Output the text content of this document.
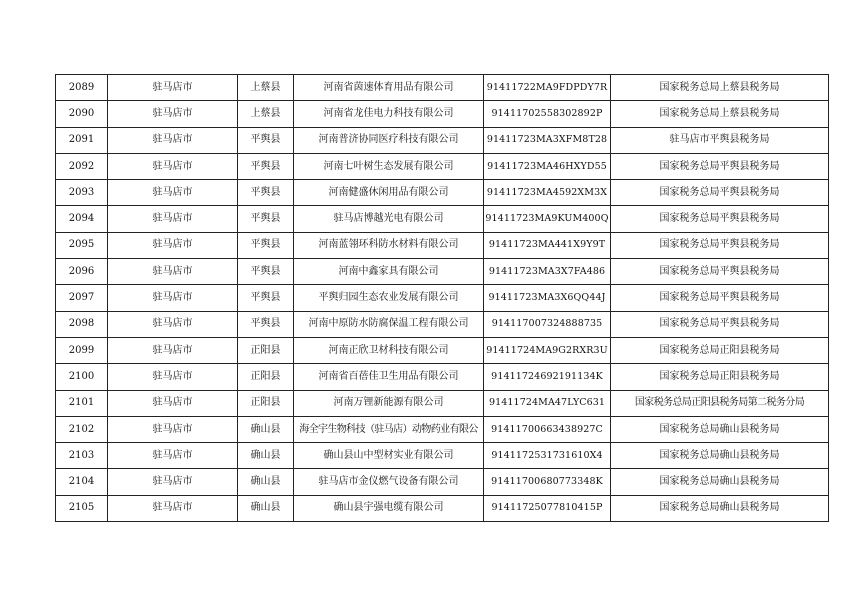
2089	驻马店市	上蔡县	河南省茵速体育用品有限公司	91411722MA9FDPDY7R	国家税务总局上蔡县税务局
2090	驻马店市	上蔡县	河南省龙佳电力科技有限公司	91411702558302892P	国家税务总局上蔡县税务局
2091	驻马店市	平舆县	河南普济协同医疗科技有限公司	91411723MA3XFM8T28	驻马店市平舆县税务局
2092	驻马店市	平舆县	河南七叶树生态发展有限公司	91411723MA46HXYD55	国家税务总局平舆县税务局
2093	驻马店市	平舆县	河南健盛休闲用品有限公司	91411723MA4592XM3X	国家税务总局平舆县税务局
2094	驻马店市	平舆县	驻马店博越光电有限公司	91411723MA9KUM400Q	国家税务总局平舆县税务局
2095	驻马店市	平舆县	河南蓝翎环科防水材料有限公司	91411723MA441X9Y9T	国家税务总局平舆县税务局
2096	驻马店市	平舆县	河南中鑫家具有限公司	91411723MA3X7FA486	国家税务总局平舆县税务局
2097	驻马店市	平舆县	平舆归园生态农业发展有限公司	91411723MA3X6QQ44J	国家税务总局平舆县税务局
2098	驻马店市	平舆县	河南中原防水防腐保温工程有限公司	914117007324888735	国家税务总局平舆县税务局
2099	驻马店市	正阳县	河南正欣卫材科技有限公司	91411724MA9G2RXR3U	国家税务总局正阳县税务局
2100	驻马店市	正阳县	河南省百蓓佳卫生用品有限公司	91411724692191134K	国家税务总局正阳县税务局
2101	驻马店市	正阳县	河南万锂新能源有限公司	91411724MA47LYC631	国家税务总局正阳县税务局第二税务分局
2102	驻马店市	确山县	海全宇生物科技（驻马店）动物药业有限公	91411700663438927C	国家税务总局确山县税务局
2103	驻马店市	确山县	确山县山中型材实业有限公司	9141172531731610X4	国家税务总局确山县税务局
2104	驻马店市	确山县	驻马店市金仪燃气设备有限公司	91411700680773348K	国家税务总局确山县税务局
2105	驻马店市	确山县	确山县宇强电缆有限公司	91411725077810415P	国家税务总局确山县税务局
